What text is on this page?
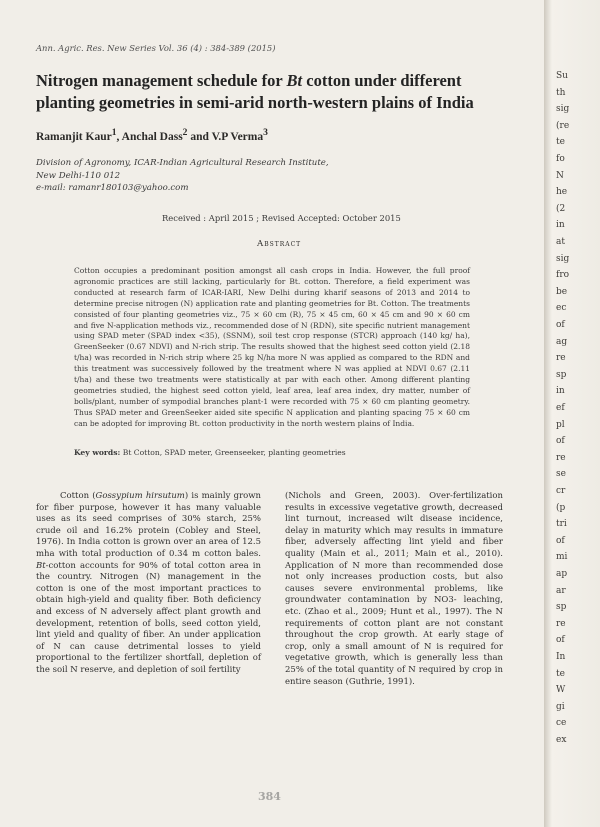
Ann. Agric. Res. New Series Vol. 36 (4) : 384-389 (2015)
Nitrogen management schedule for Bt cotton under different planting geometries in semi-arid north-western plains of India
Ramanjit Kaur$^1$, Anchal Dass$^2$ and V.P Verma$^3$
Division of Agronomy, ICAR-Indian Agricultural Research Institute,
New Delhi-110 012
e-mail: ramanr180103@yahoo.com
Received : April 2015 ; Revised Accepted: October 2015
Abstract
Cotton occupies a predominant position amongst all cash crops in India. However, the full proof agronomic practices are still lacking, particularly for Bt. cotton. Therefore, a field experiment was conducted at research farm of ICAR-IARI, New Delhi during kharif seasons of 2013 and 2014 to determine precise nitrogen (N) application rate and planting geometries for Bt. Cotton. The treatments consisted of four planting geometries viz., 75 × 60 cm (R), 75 × 45 cm, 60 × 45 cm and 90 × 60 cm and five N-application methods viz., recommended dose of N (RDN), site specific nutrient management using SPAD meter (SPAD index <35), (SSNM), soil test crop response (STCR) approach (140 kg/ ha), GreenSeeker (0.67 NDVI) and N-rich strip. The results showed that the highest seed cotton yield (2.18 t/ha) was recorded in N-rich strip where 25 kg N/ha more N was applied as compared to the RDN and this treatment was successively followed by the treatment where N was applied at NDVI 0.67 (2.11 t/ha) and these two treatments were statistically at par with each other. Among different planting geometries studied, the highest seed cotton yield, leaf area, leaf area index, dry matter, number of bolls/plant, number of sympodial branches plant-1 were recorded with 75 × 60 cm planting geometry. Thus SPAD meter and GreenSeeker aided site specific N application and planting spacing 75 × 60 cm can be adopted for improving Bt. cotton productivity in the north western plains of India.
Key words: Bt Cotton, SPAD meter, Greenseeker, planting geometries
Cotton (Gossypium hirsutum) is mainly grown for fiber purpose, however it has many valuable uses as its seed comprises of 30% starch, 25% crude oil and 16.2% protein (Cobley and Steel, 1976). In India cotton is grown over an area of 12.5 mha with total production of 0.34 m cotton bales. Bt-cotton accounts for 90% of total cotton area in the country. Nitrogen (N) management in the cotton is one of the most important practices to obtain high-yield and quality fiber. Both deficiency and excess of N adversely affect plant growth and development, retention of bolls, seed cotton yield, lint yield and quality of fiber. An under application of N can cause detrimental losses to yield proportional to the fertilizer shortfall, depletion of the soil N reserve, and depletion of soil fertility
(Nichols and Green, 2003). Over-fertilization results in excessive vegetative growth, decreased lint turnout, increased wilt disease incidence, delay in maturity which may results in immature fiber, adversely affecting lint yield and fiber quality (Main et al., 2011; Main et al., 2010). Application of N more than recommended dose not only increases production costs, but also causes severe environmental problems, like groundwater contamination by NO3- leaching, etc. (Zhao et al., 2009; Hunt et al., 1997). The N requirements of cotton plant are not constant throughout the crop growth. At early stage of crop, only a small amount of N is required for vegetative growth, which is generally less than 25% of the total quantity of N required by crop in entire season (Guthrie, 1991).
384
Su
th
sig
(re
te
fo
N
he
(2
in
at
sig
fro
be
ec
of
ag
re
sp
in
ef
pl
of
re
se
cr
(p
tri
of
mi
ap
ar
sp
re
of
In
te
W
gi
ce
ex
